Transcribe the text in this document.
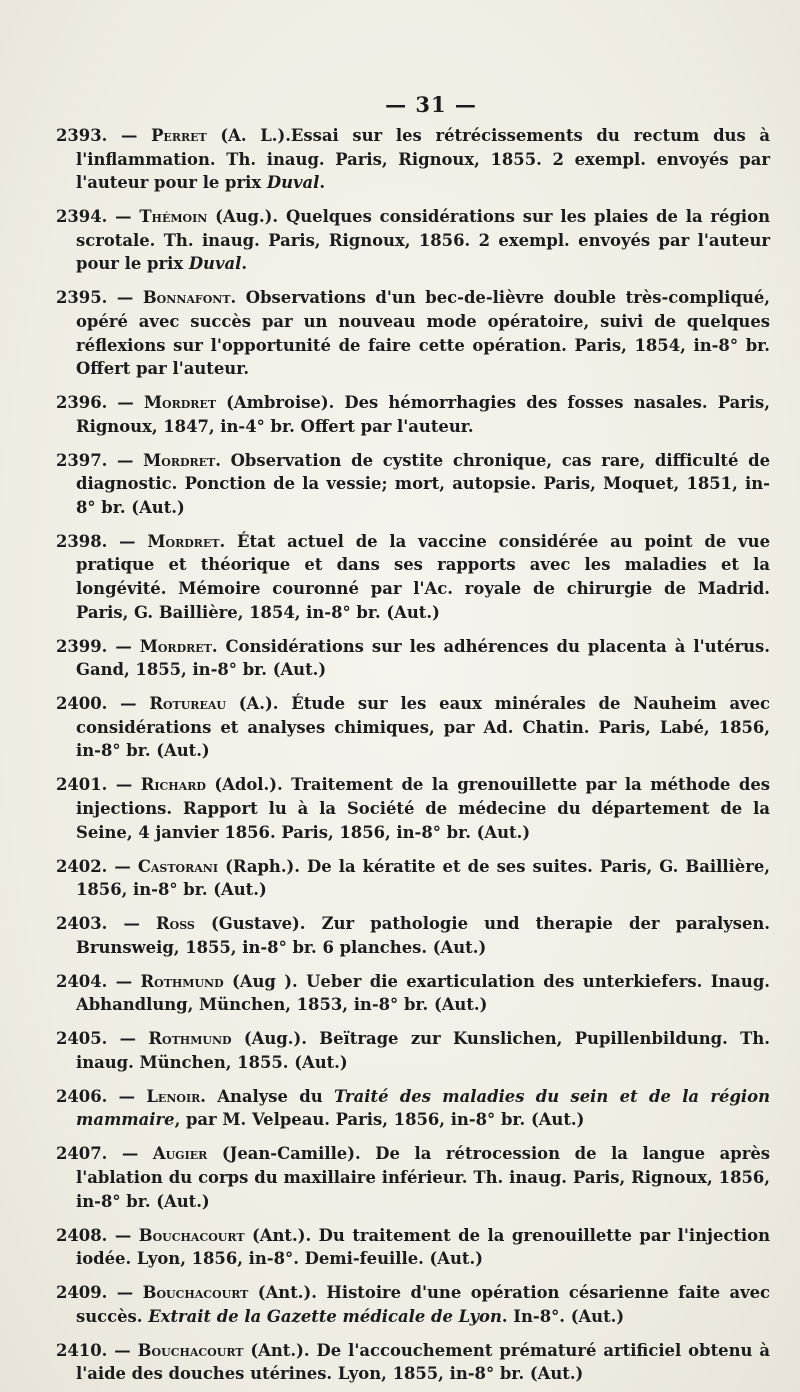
— 31 —
2393. — Perret (A. L.).Essai sur les rétrécissements du rectum dus à l'inflammation. Th. inaug. Paris, Rignoux, 1855. 2 exempl. envoyés par l'auteur pour le prix Duval.
2394. — Thémoin (Aug.). Quelques considérations sur les plaies de la région scrotale. Th. inaug. Paris, Rignoux, 1856. 2 exempl. envoyés par l'auteur pour le prix Duval.
2395. — Bonnafont. Observations d'un bec-de-lièvre double très-compliqué, opéré avec succès par un nouveau mode opératoire, suivi de quelques réflexions sur l'opportunité de faire cette opération. Paris, 1854, in-8° br. Offert par l'auteur.
2396. — Mordret (Ambroise). Des hémorrhagies des fosses nasales. Paris, Rignoux, 1847, in-4° br. Offert par l'auteur.
2397. — Mordret. Observation de cystite chronique, cas rare, difficulté de diagnostic. Ponction de la vessie; mort, autopsie. Paris, Moquet, 1851, in-8° br. (Aut.)
2398. — Mordret. État actuel de la vaccine considérée au point de vue pratique et théorique et dans ses rapports avec les maladies et la longévité. Mémoire couronné par l'Ac. royale de chirurgie de Madrid. Paris, G. Baillière, 1854, in-8° br. (Aut.)
2399. — Mordret. Considérations sur les adhérences du placenta à l'utérus. Gand, 1855, in-8° br. (Aut.)
2400. — Rotureau (A.). Étude sur les eaux minérales de Nauheim avec considérations et analyses chimiques, par Ad. Chatin. Paris, Labé, 1856, in-8° br. (Aut.)
2401. — Richard (Adol.). Traitement de la grenouillette par la méthode des injections. Rapport lu à la Société de médecine du département de la Seine, 4 janvier 1856. Paris, 1856, in-8° br. (Aut.)
2402. — Castorani (Raph.). De la kératite et de ses suites. Paris, G. Baillière, 1856, in-8° br. (Aut.)
2403. — Ross (Gustave). Zur pathologie und therapie der paralysen. Brunsweig, 1855, in-8° br. 6 planches. (Aut.)
2404. — Rothmund (Aug ). Ueber die exarticulation des unterkiefers. Inaug. Abhandlung, München, 1853, in-8° br. (Aut.)
2405. — Rothmund (Aug.). Beïtrage zur Kunslichen, Pupillenbildung. Th. inaug. München, 1855. (Aut.)
2406. — Lenoir. Analyse du Traité des maladies du sein et de la région mammaire, par M. Velpeau. Paris, 1856, in-8° br. (Aut.)
2407. — Augier (Jean-Camille). De la rétrocession de la langue après l'ablation du corps du maxillaire inférieur. Th. inaug. Paris, Rignoux, 1856, in-8° br. (Aut.)
2408. — Bouchacourt (Ant.). Du traitement de la grenouillette par l'injection iodée. Lyon, 1856, in-8°. Demi-feuille. (Aut.)
2409. — Bouchacourt (Ant.). Histoire d'une opération césarienne faite avec succès. Extrait de la Gazette médicale de Lyon. In-8°. (Aut.)
2410. — Bouchacourt (Ant.). De l'accouchement prématuré artificiel obtenu à l'aide des douches utérines. Lyon, 1855, in-8° br. (Aut.)
